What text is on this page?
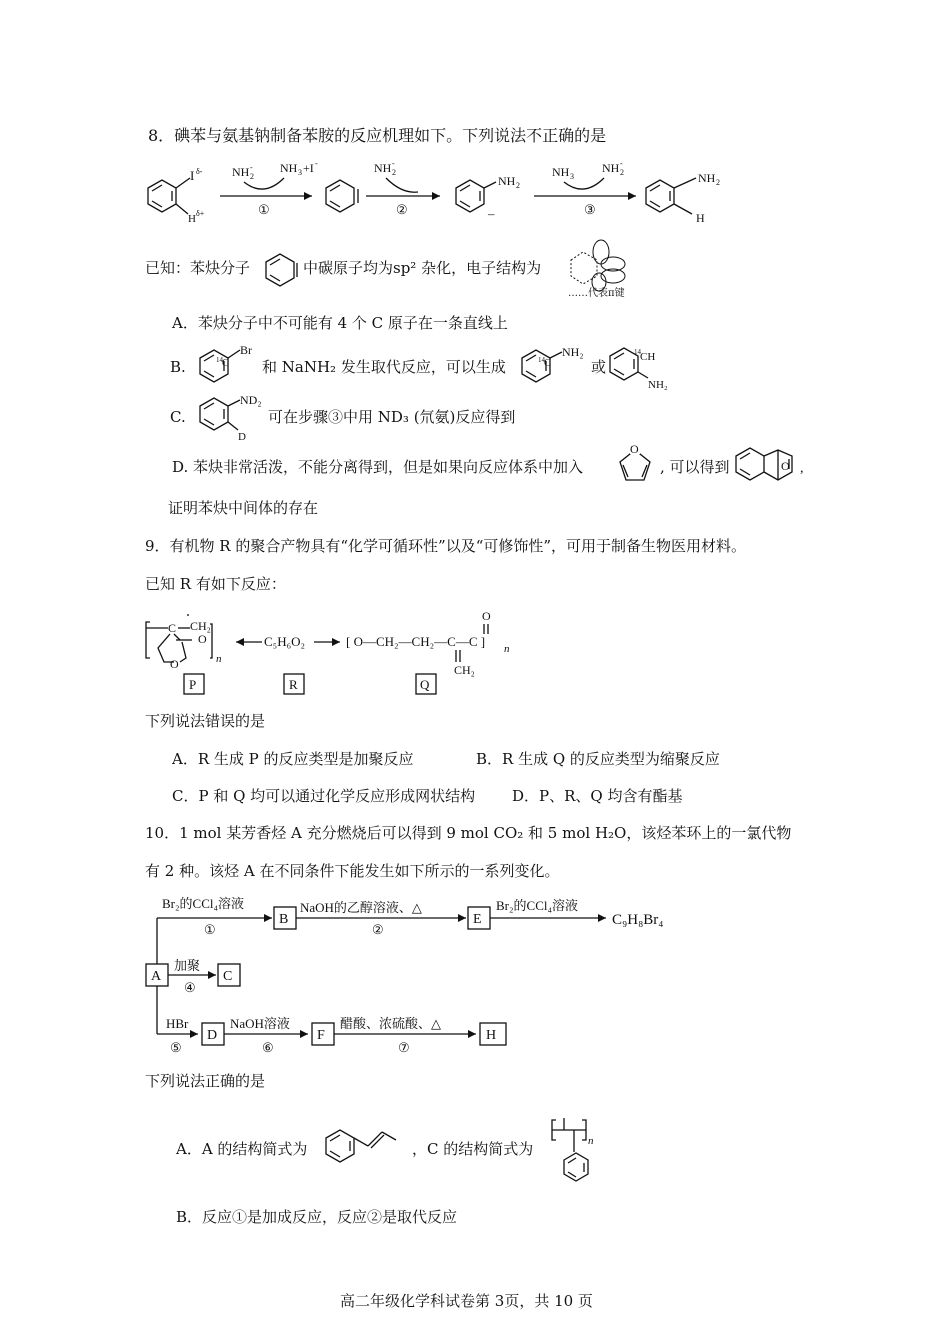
8．碘苯与氨基钠制备苯胺的反应机理如下。下列说法不正确的是
I δ-
H δ+
NH 2
- NH 3 +I -
①
NH 2
-
②
NH 2
–
NH 3
NH 2
-
③
NH 2
H
已知：苯炔分子	中碳原子均为sp² 杂化，电子结构为
……代表π键
A．苯炔分子中不可能有 4 个 C 原子在一条直线上
B.	14 C
Br
和 NaNH₂ 发生取代反应，可以生成	14 C
NH₂
或
14 CH
NH₂
C.
ND₂
D
可在步骤③中用 ND₃ (氘氨)反应得到
D. 苯炔非常活泼，不能分离得到，但是如果向反应体系中加入
O
, 可以得到	O ,
证明苯炔中间体的存在
9．有机物 R 的聚合产物具有“化学可循环性”以及“可修饰性”，可用于制备生物医用材料。
已知 R 有如下反应：
C CH₂
O
O	n
C₅H₆O₂	[ O—CH₂—CH₂—C—C ]
O
CH₂
n
P	R	Q
下列说法错误的是
A．R 生成 P 的反应类型是加聚反应	B．R 生成 Q 的反应类型为缩聚反应
C．P 和 Q 均可以通过化学反应形成网状结构 D．P、R、Q 均含有酯基
10．1 mol 某芳香烃 A 充分燃烧后可以得到 9 mol CO₂ 和 5 mol H₂O，该烃苯环上的一氯代物
有 2 种。该烃 A 在不同条件下能发生如下所示的一系列变化。
A
Br₂的CCl₄溶液
①
B
NaOH的乙醇溶液、△
②
E
Br₂的CCl₄溶液
C₉H₈Br₄
加聚
④
C
HBr
⑤
D
NaOH溶液
⑥
F
醋酸、浓硫酸、△
⑦
H
下列说法正确的是
A．A 的结构简式为	，C 的结构简式为	n
B．反应①是加成反应，反应②是取代反应
高二年级化学科试卷第 3页，共 10 页
